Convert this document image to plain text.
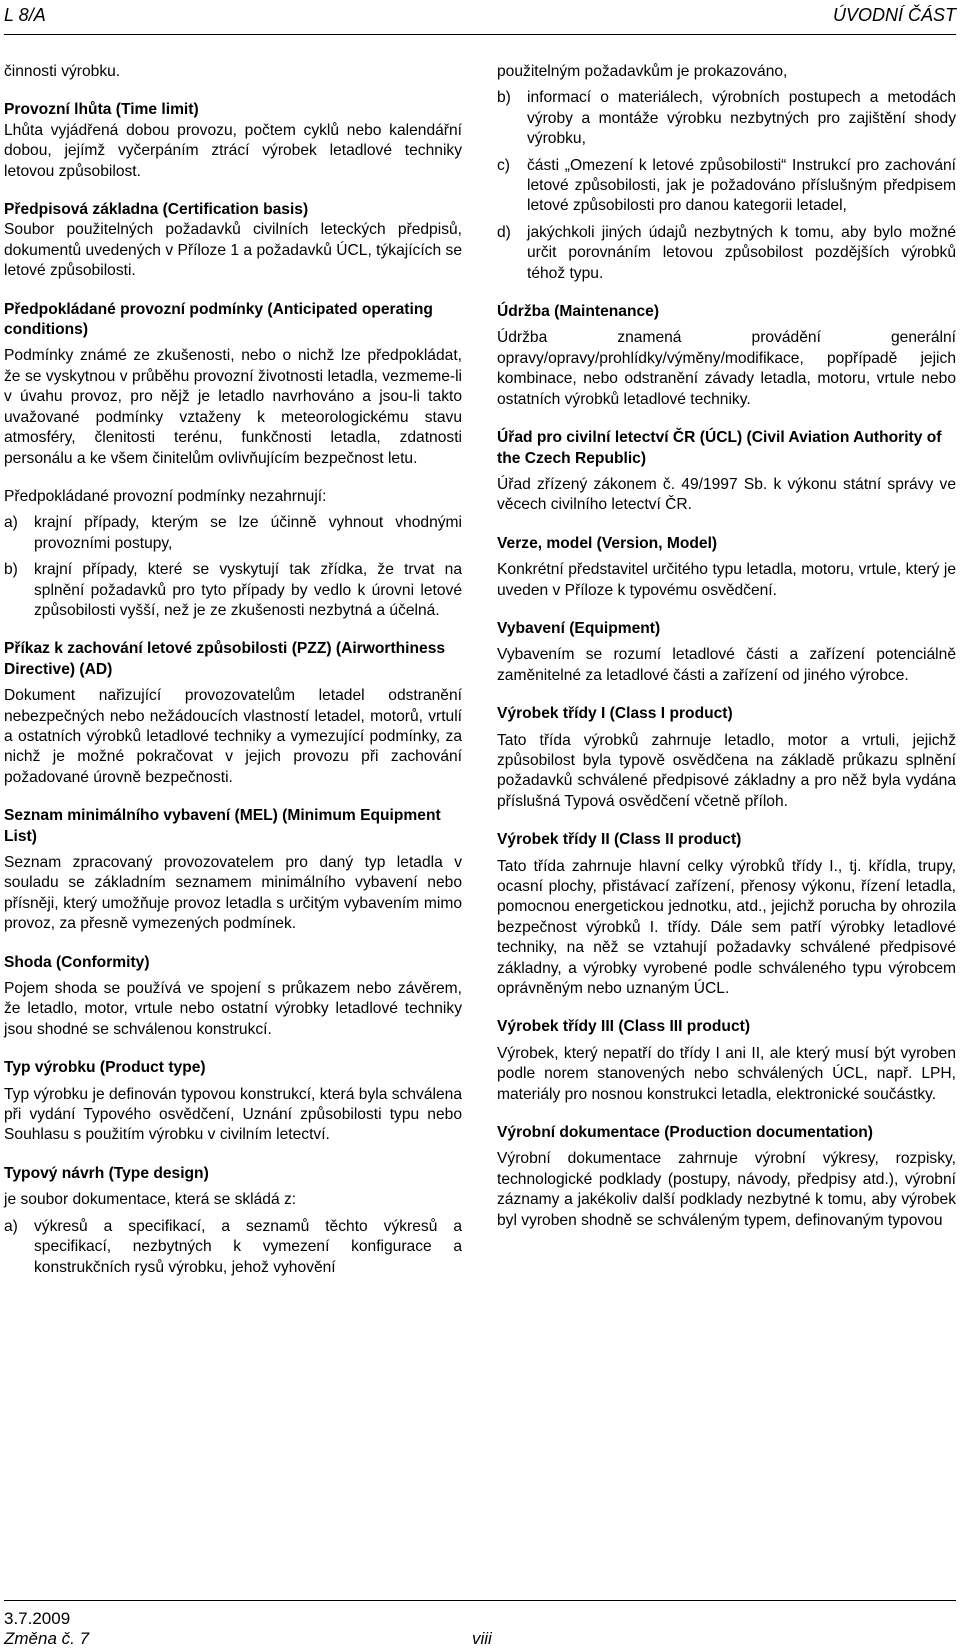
L 8/A	ÚVODNÍ ČÁST

činnosti výrobku.

Provozní lhůta (Time limit)

Lhůta vyjádřená dobou provozu, počtem cyklů nebo kalendářní dobou, jejímž vyčerpáním ztrácí výrobek letadlové techniky letovou způsobilost.

Předpisová základna (Certification basis)

Soubor použitelných požadavků civilních leteckých předpisů, dokumentů uvedených v Příloze 1 a požadavků ÚCL, týkajících se letové způsobilosti.

Předpokládané provozní podmínky (Anticipated operating conditions)

Podmínky známé ze zkušenosti, nebo o nichž lze předpokládat, že se vyskytnou v průběhu provozní životnosti letadla, vezmeme-li v úvahu provoz, pro nějž je letadlo navrhováno a jsou-li takto uvažované podmínky vztaženy k meteorologickému stavu atmosféry, členitosti terénu, funkčnosti letadla, zdatnosti personálu a ke všem činitelům ovlivňujícím bezpečnost letu.

Předpokládané provozní podmínky nezahrnují:

a)	krajní případy, kterým se lze účinně vyhnout vhodnými provozními postupy,
b)	krajní případy, které se vyskytují tak zřídka, že trvat na splnění požadavků pro tyto případy by vedlo k úrovni letové způsobilosti vyšší, než je ze zkušenosti nezbytná a účelná.
Příkaz k zachování letové způsobilosti (PZZ) (Airworthiness Directive) (AD)

Dokument nařizující provozovatelům letadel odstranění nebezpečných nebo nežádoucích vlastností letadel, motorů, vrtulí a ostatních výrobků letadlové techniky a vymezující podmínky, za nichž je možné pokračovat v jejich provozu při zachování požadované úrovně bezpečnosti.

Seznam minimálního vybavení (MEL) (Minimum Equipment List)

Seznam zpracovaný provozovatelem pro daný typ letadla v souladu se základním seznamem minimálního vybavení nebo přísněji, který umožňuje provoz letadla s určitým vybavením mimo provoz, za přesně vymezených podmínek.

Shoda (Conformity)

Pojem shoda se používá ve spojení s průkazem nebo závěrem, že letadlo, motor, vrtule nebo ostatní výrobky letadlové techniky jsou shodné se schválenou konstrukcí.

Typ výrobku (Product type)

Typ výrobku je definován typovou konstrukcí, která byla schválena při vydání Typového osvědčení, Uznání způsobilosti typu nebo Souhlasu s použitím výrobku v civilním letectví.

Typový návrh (Type design)

je soubor dokumentace, která se skládá z:

a)	výkresů a specifikací, a seznamů těchto výkresů a specifikací, nezbytných k vymezení konfigurace a konstrukčních rysů výrobku, jehož vyhovění

použitelným požadavkům je prokazováno,

b)	informací o materiálech, výrobních postupech a metodách výroby a montáže výrobku nezbytných pro zajištění shody výrobku,
c)	části „Omezení k letové způsobilosti“ Instrukcí pro zachování letové způsobilosti, jak je požadováno příslušným předpisem letové způsobilosti pro danou kategorii letadel,
d)	jakýchkoli jiných údajů nezbytných k tomu, aby bylo možné určit porovnáním letovou způsobilost pozdějších výrobků téhož typu.
Údržba (Maintenance)

Údržba znamená provádění generální opravy/opravy/prohlídky/výměny/modifikace, popřípadě jejich kombinace, nebo odstranění závady letadla, motoru, vrtule nebo ostatních výrobků letadlové techniky.

Úřad pro civilní letectví ČR (ÚCL) (Civil Aviation Authority of the Czech Republic)

Úřad zřízený zákonem č. 49/1997 Sb. k výkonu státní správy ve věcech civilního letectví ČR.

Verze, model (Version, Model)

Konkrétní představitel určitého typu letadla, motoru, vrtule, který je uveden v Příloze k typovému osvědčení.

Vybavení (Equipment)

Vybavením se rozumí letadlové části a zařízení potenciálně zaměnitelné za letadlové části a zařízení od jiného výrobce.

Výrobek třídy I (Class I product)

Tato třída výrobků zahrnuje letadlo, motor a vrtuli, jejichž způsobilost byla typově osvědčena na základě průkazu splnění požadavků schválené předpisové základny a pro něž byla vydána příslušná Typová osvědčení včetně příloh.

Výrobek třídy II (Class II product)

Tato třída zahrnuje hlavní celky výrobků třídy I., tj. křídla, trupy, ocasní plochy, přistávací zařízení, přenosy výkonu, řízení letadla, pomocnou energetickou jednotku, atd., jejichž porucha by ohrozila bezpečnost výrobků I. třídy. Dále sem patří výrobky letadlové techniky, na něž se vztahují požadavky schválené předpisové základny, a výrobky vyrobené podle schváleného typu výrobcem oprávněným nebo uznaným ÚCL.

Výrobek třídy III (Class III product)

Výrobek, který nepatří do třídy I ani II, ale který musí být vyroben podle norem stanovených nebo schválených ÚCL, např. LPH, materiály pro nosnou konstrukci letadla, elektronické součástky.

Výrobní dokumentace (Production documentation)

Výrobní dokumentace zahrnuje výrobní výkresy, rozpisky, technologické podklady (postupy, návody, předpisy atd.), výrobní záznamy a jakékoliv další podklady nezbytné k tomu, aby výrobek byl vyroben shodně se schváleným typem, definovaným typovou

3.7.2009
Změna č. 7	viii
